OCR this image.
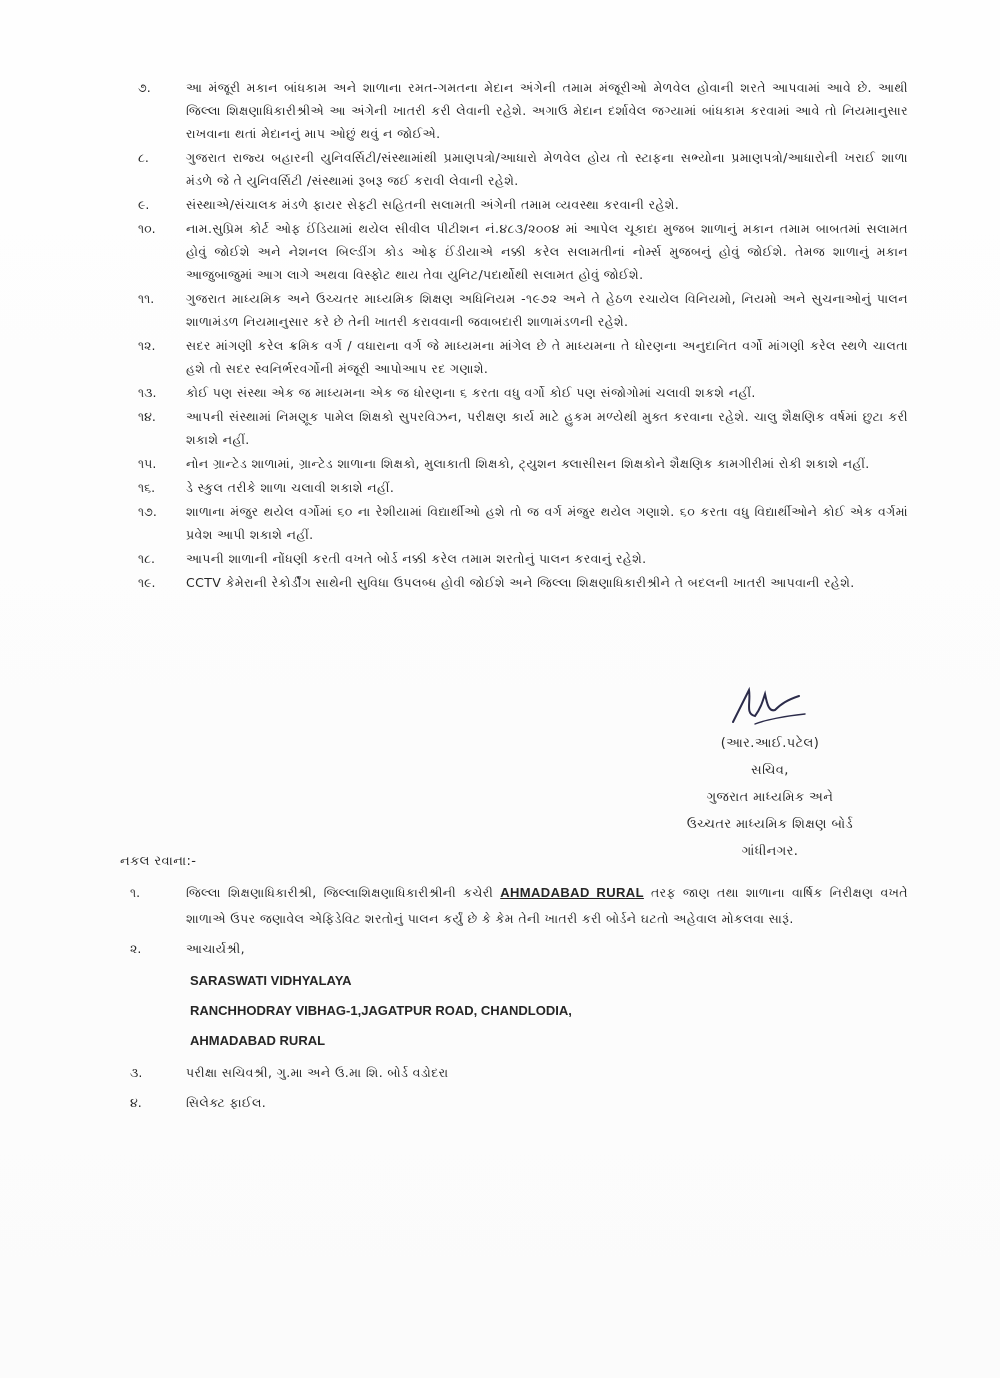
૭.	આ મંજૂરી મકાન બાંધકામ અને શાળાના રમત-ગમતના મેદાન અંગેની તમામ મંજૂરીઓ મેળવેલ હોવાની શરતે આપવામાં આવે છે. આથી જિલ્લા શિક્ષણાધિકારીશ્રીએ આ અંગેની ખાતરી કરી લેવાની રહેશે. અગાઉ મેદાન દર્શાવેલ જગ્યામાં બાંધકામ કરવામાં આવે તો નિયમાનુસાર રાખવાના થતાં મેદાનનું માપ ઓછું થવું ન જોઈએ.
૮.	ગુજરાત રાજ્ય બહારની યુનિવર્સિટી/સંસ્થામાંથી પ્રમાણપત્રો/આધારો મેળવેલ હોય તો સ્ટાફના સભ્યોના પ્રમાણપત્રો/આધારોની ખરાઈ શાળા મંડળે જે તે યુનિવર્સિટી /સંસ્થામાં રૂબરૂ જઈ કરાવી લેવાની રહેશે.
૯.	સંસ્થાએ/સંચાલક મંડળે ફાયર સેફ્ટી સહિતની સલામતી અંગેની તમામ વ્યવસ્થા કરવાની રહેશે.
૧૦.	નામ.સુપ્રિમ કોર્ટ ઓફ ઈંડિયામાં થયેલ સીવીલ પીટીશન નં.૪૮૩/૨૦૦૪ માં આપેલ ચૂકાદા મુજબ શાળાનું મકાન તમામ બાબતમાં સલામત હોવું જોઈશે અને નેશનલ બિલ્ડીંગ કોડ ઓફ ઈંડીયાએ નક્કી કરેલ સલામતીનાં નોર્મ્સ મુજબનું હોવું જોઈશે. તેમજ શાળાનું મકાન આજુબાજુમાં આગ લાગે અથવા વિસ્ફોટ થાય તેવા યુનિટ/પદાર્થોથી સલામત હોવું જોઈશે.
૧૧.	ગુજરાત માધ્યમિક અને ઉચ્ચતર માધ્યમિક શિક્ષણ અધિનિયમ -૧૯૭૨ અને તે હેઠળ રચાયેલ વિનિયમો, નિયમો અને સુચનાઓનું પાલન શાળામંડળ નિયમાનુસાર કરે છે તેની ખાતરી કરાવવાની જવાબદારી શાળામંડળની રહેશે.
૧૨.	સદર માંગણી કરેલ ક્રમિક વર્ગ / વધારાના વર્ગ જે માધ્યમના માંગેલ છે તે માધ્યમના તે ધોરણના અનુદાનિત વર્ગો માંગણી કરેલ સ્થળે ચાલતા હશે તો સદર સ્વનિર્ભરવર્ગોની મંજૂરી આપોઆપ રદ ગણાશે.
૧૩.	કોઈ પણ સંસ્થા એક જ માધ્યમના એક જ ધોરણના ૬ કરતા વધુ વર્ગો કોઈ પણ સંજોગોમાં ચલાવી શકશે નહીં.
૧૪.	આપની સંસ્થામાં નિમણૂક પામેલ શિક્ષકો સુપરવિઝન, પરીક્ષણ કાર્ય માટે હુકમ મળ્યેથી મુક્ત કરવાના રહેશે. ચાલુ શૈક્ષણિક વર્ષમાં છુટા કરી શકાશે નહીં.
૧૫.	નોન ગ્રાન્ટેડ શાળામાં, ગ્રાન્ટેડ શાળાના શિક્ષકો, મુલાકાતી શિક્ષકો, ટ્યુશન ક્લાસીસન શિક્ષકોને શૈક્ષણિક કામગીરીમાં રોકી શકાશે નહીં.
૧૬.	ડે સ્કુલ તરીકે શાળા ચલાવી શકાશે નહીં.
૧૭.	શાળાના મંજુર થયેલ વર્ગોમાં ૬૦ ના રેશીયામાં વિદ્યાર્થીઓ હશે તો જ વર્ગ મંજુર થયેલ ગણાશે. ૬૦ કરતા વધુ વિદ્યાર્થીઓને કોઈ એક વર્ગમાં પ્રવેશ આપી શકાશે નહીં.
૧૮.	આપની શાળાની નોંધણી કરતી વખતે બોર્ડ નક્કી કરેલ તમામ શરતોનું પાલન કરવાનું રહેશે.
૧૯.	CCTV કેમેરાની રેકોર્ડીંગ સાથેની સુવિધા ઉપલબ્ધ હોવી જોઈશે અને જિલ્લા શિક્ષણાધિકારીશ્રીને તે બદલની ખાતરી આપવાની રહેશે.
(આર.આઈ.પટેલ)
સચિવ,
ગુજરાત માધ્યમિક અને
ઉચ્ચતર માધ્યમિક શિક્ષણ બોર્ડ
ગાંધીનગર.
નકલ રવાના:-
૧.	જિલ્લા શિક્ષણાધિકારીશ્રી, જિલ્લાશિક્ષણાધિકારીશ્રીની કચેરી AHMADABAD RURAL તરફ જાણ તથા શાળાના વાર્ષિક નિરીક્ષણ વખતે શાળાએ ઉપર જણાવેલ એફિડેવિટ શરતોનું પાલન કર્યું છે કે કેમ તેની ખાતરી કરી બોર્ડને ઘટતો અહેવાલ મોકલવા સારૂં.
૨.	આચાર્યશ્રી,
SARASWATI VIDHYALAYA
RANCHHODRAY VIBHAG-1,JAGATPUR ROAD, CHANDLODIA,
AHMADABAD RURAL
૩.	પરીક્ષા સચિવશ્રી, ગુ.મા અને ઉ.મા શિ. બોર્ડ વડોદરા
૪.	સિલેક્ટ ફાઈલ.
